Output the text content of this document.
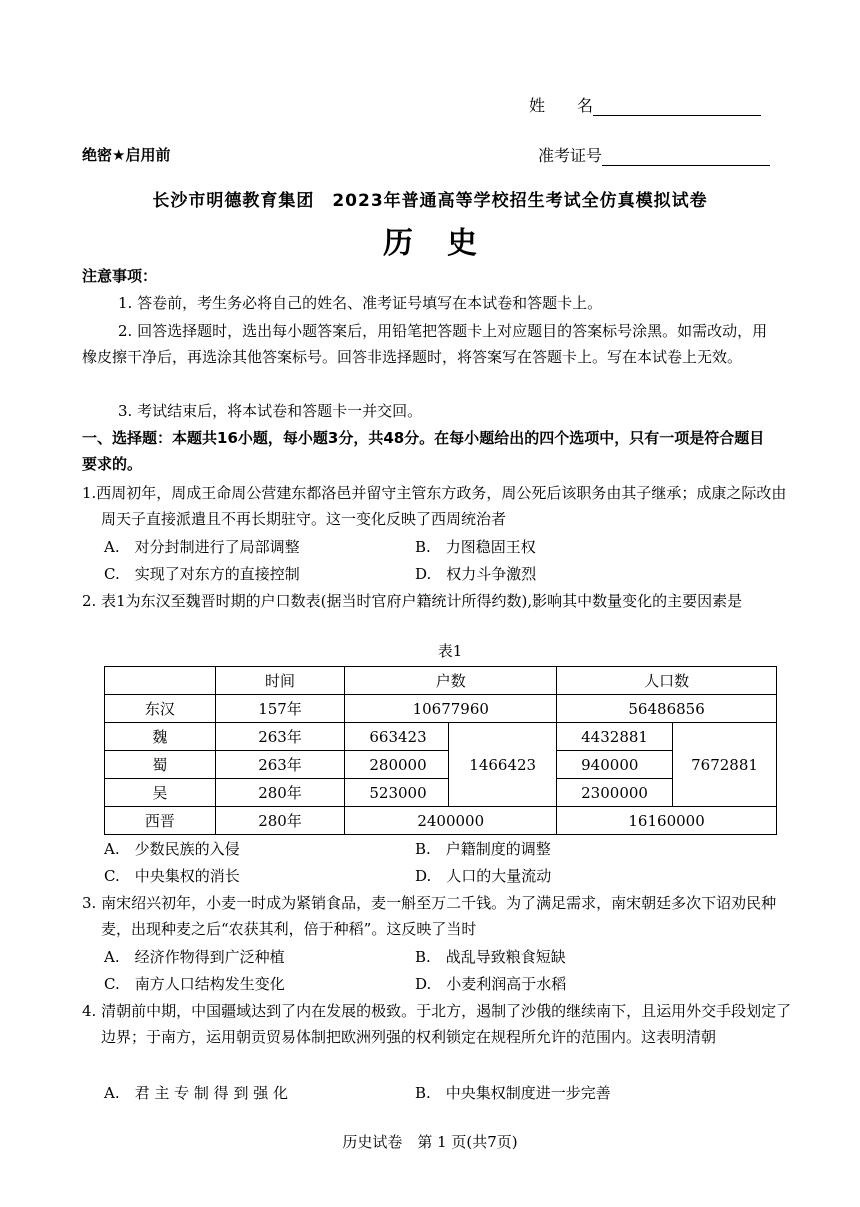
姓　　名
绝密★启用前	准考证号
长沙市明德教育集团　2023年普通高等学校招生考试全仿真模拟试卷
历史
注意事项：
1. 答卷前，考生务必将自己的姓名、准考证号填写在本试卷和答题卡上。
2. 回答选择题时，选出每小题答案后，用铅笔把答题卡上对应题目的答案标号涂黑。如需改动，用橡皮擦干净后，再选涂其他答案标号。回答非选择题时，将答案写在答题卡上。写在本试卷上无效。
3. 考试结束后，将本试卷和答题卡一并交回。
一、选择题：本题共16小题，每小题3分，共48分。在每小题给出的四个选项中，只有一项是符合题目要求的。
1.西周初年，周成王命周公营建东都洛邑并留守主管东方政务，周公死后该职务由其子继承；成康之际改由周天子直接派遣且不再长期驻守。这一变化反映了西周统治者
A.　对分封制进行了局部调整	B.　力图稳固王权
C.　实现了对东方的直接控制	D.　权力斗争激烈
2. 表1为东汉至魏晋时期的户口数表(据当时官府户籍统计所得约数),影响其中数量变化的主要因素是
表1
	时间	户数		人口数	
东汉	157年	10677960		56486856	
魏	263年	663423	1466423	4432881	7672881
蜀	263年	280000		940000	
吴	280年	523000		2300000	
西晋	280年	2400000		16160000	
A.　少数民族的入侵	B.　户籍制度的调整
C.　中央集权的消长	D.　人口的大量流动
3. 南宋绍兴初年，小麦一时成为紧销食品，麦一斛至万二千钱。为了满足需求，南宋朝廷多次下诏劝民种麦，出现种麦之后“农获其利，倍于种稻”。这反映了当时
A.　经济作物得到广泛种植	B.　战乱导致粮食短缺
C.　南方人口结构发生变化	D.　小麦利润高于水稻
4. 清朝前中期，中国疆域达到了内在发展的极致。于北方，遏制了沙俄的继续南下，且运用外交手段划定了边界；于南方，运用朝贡贸易体制把欧洲列强的权利锁定在规程所允许的范围内。这表明清朝
A.　君 主 专 制 得 到 强 化	B.　中央集权制度进一步完善
历史试卷　第 1 页(共7页)
